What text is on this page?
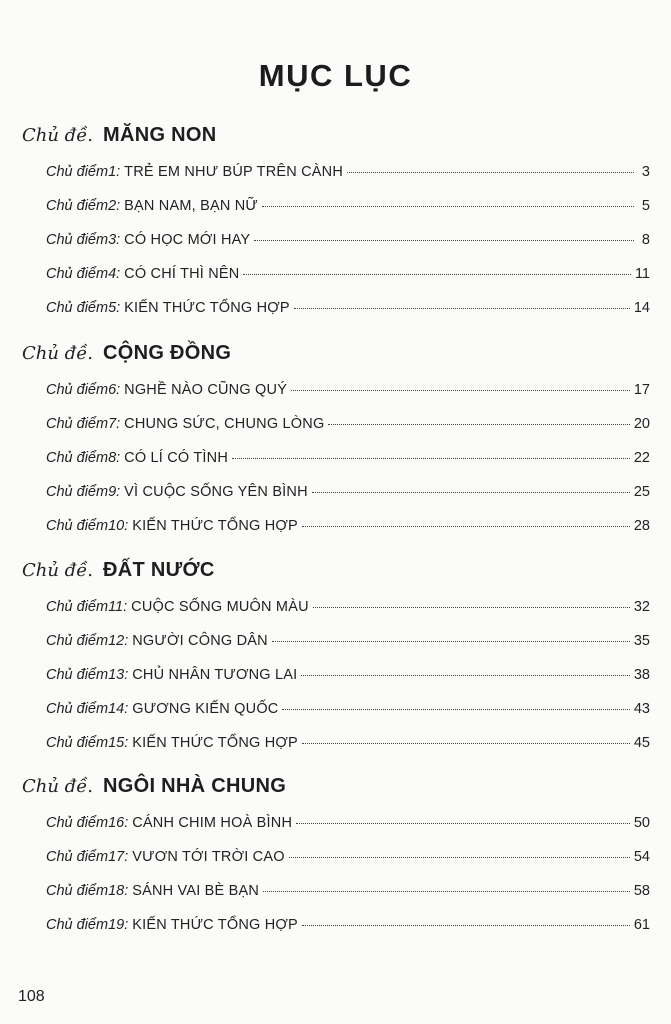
MỤC LỤC
Chủ đề. MĂNG NON
Chủ điểm 1: TRẺ EM NHƯ BÚP TRÊN CÀNH	3
Chủ điểm 2: BẠN NAM, BẠN NỮ	5
Chủ điểm 3: CÓ HỌC MỚI HAY	8
Chủ điểm 4: CÓ CHÍ THÌ NÊN	11
Chủ điểm 5: KIẾN THỨC TỔNG HỢP	14
Chủ đề. CỘNG ĐỒNG
Chủ điểm 6: NGHỀ NÀO CŨNG QUÝ	17
Chủ điểm 7: CHUNG SỨC, CHUNG LÒNG	20
Chủ điểm 8: CÓ LÍ CÓ TÌNH	22
Chủ điểm 9: VÌ CUỘC SỐNG YÊN BÌNH	25
Chủ điểm 10: KIẾN THỨC TỔNG HỢP	28
Chủ đề. ĐẤT NƯỚC
Chủ điểm 11: CUỘC SỐNG MUÔN MÀU	32
Chủ điểm 12: NGƯỜI CÔNG DÂN	35
Chủ điểm 13: CHỦ NHÂN TƯƠNG LAI	38
Chủ điểm 14: GƯƠNG KIẾN QUỐC	43
Chủ điểm 15: KIẾN THỨC TỔNG HỢP	45
Chủ đề. NGÔI NHÀ CHUNG
Chủ điểm 16: CÁNH CHIM HOÀ BÌNH	50
Chủ điểm 17: VƯƠN TỚI TRỜI CAO	54
Chủ điểm 18: SÁNH VAI BÈ BẠN	58
Chủ điểm 19: KIẾN THỨC TỔNG HỢP	61
108
